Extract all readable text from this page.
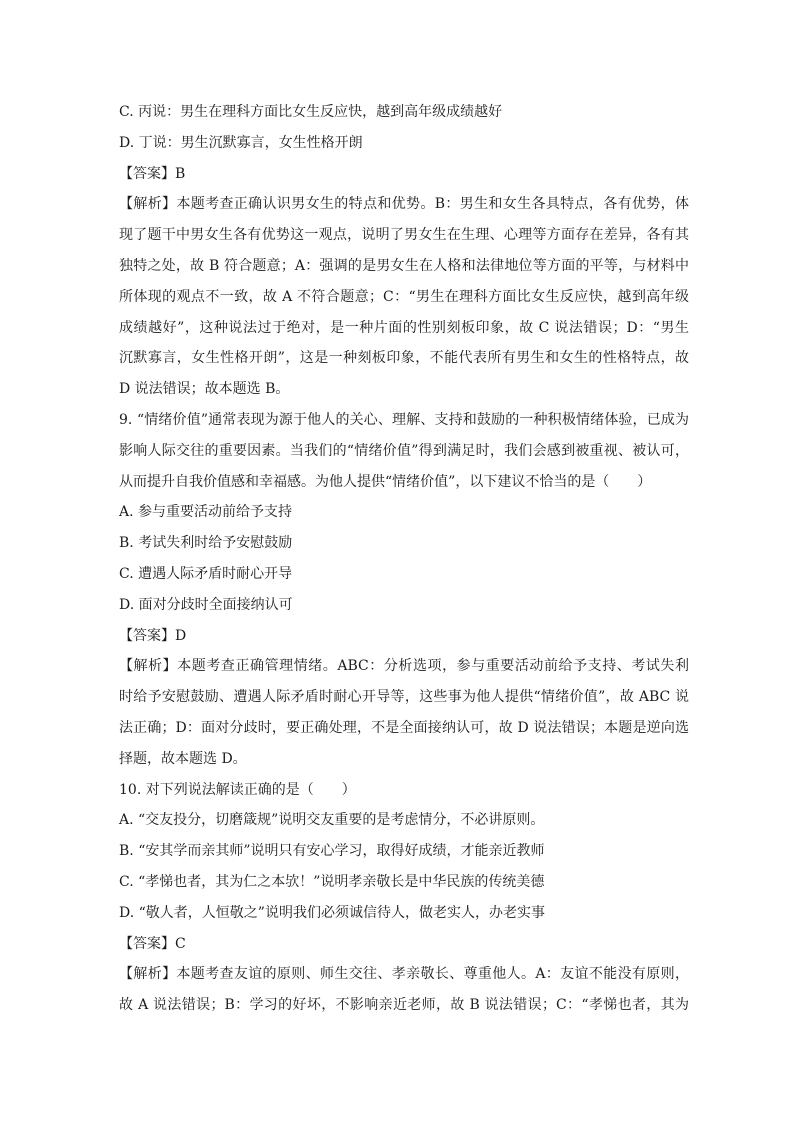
C. 丙说：男生在理科方面比女生反应快，越到高年级成绩越好
D. 丁说：男生沉默寡言，女生性格开朗
【答案】B
【解析】本题考查正确认识男女生的特点和优势。B：男生和女生各具特点，各有优势，体
现了题干中男女生各有优势这一观点，说明了男女生在生理、心理等方面存在差异，各有其
独特之处，故 B 符合题意；A：强调的是男女生在人格和法律地位等方面的平等，与材料中
所体现的观点不一致，故 A 不符合题意；C：“男生在理科方面比女生反应快，越到高年级
成绩越好”，这种说法过于绝对，是一种片面的性别刻板印象，故 C 说法错误；D：“男生
沉默寡言，女生性格开朗”，这是一种刻板印象，不能代表所有男生和女生的性格特点，故
D 说法错误；故本题选 B。
9. “情绪价值”通常表现为源于他人的关心、理解、支持和鼓励的一种积极情绪体验，已成为
影响人际交往的重要因素。当我们的“情绪价值”得到满足时，我们会感到被重视、被认可，
从而提升自我价值感和幸福感。为他人提供“情绪价值”，以下建议不恰当的是（　　）
A. 参与重要活动前给予支持
B. 考试失利时给予安慰鼓励
C. 遭遇人际矛盾时耐心开导
D. 面对分歧时全面接纳认可
【答案】D
【解析】本题考查正确管理情绪。ABC：分析选项，参与重要活动前给予支持、考试失利
时给予安慰鼓励、遭遇人际矛盾时耐心开导等，这些事为他人提供“情绪价值”，故 ABC 说
法正确；D：面对分歧时，要正确处理，不是全面接纳认可，故 D 说法错误；本题是逆向选
择题，故本题选 D。
10. 对下列说法解读正确的是（　　）
A. “交友投分，切磨箴规”说明交友重要的是考虑情分，不必讲原则。
B. “安其学而亲其师”说明只有安心学习，取得好成绩，才能亲近教师
C. “孝悌也者，其为仁之本欤！”说明孝亲敬长是中华民族的传统美德
D. “敬人者，人恒敬之”说明我们必须诚信待人，做老实人，办老实事
【答案】C
【解析】本题考查友谊的原则、师生交往、孝亲敬长、尊重他人。A：友谊不能没有原则，
故 A 说法错误；B：学习的好坏，不影响亲近老师，故 B 说法错误；C：“孝悌也者，其为
